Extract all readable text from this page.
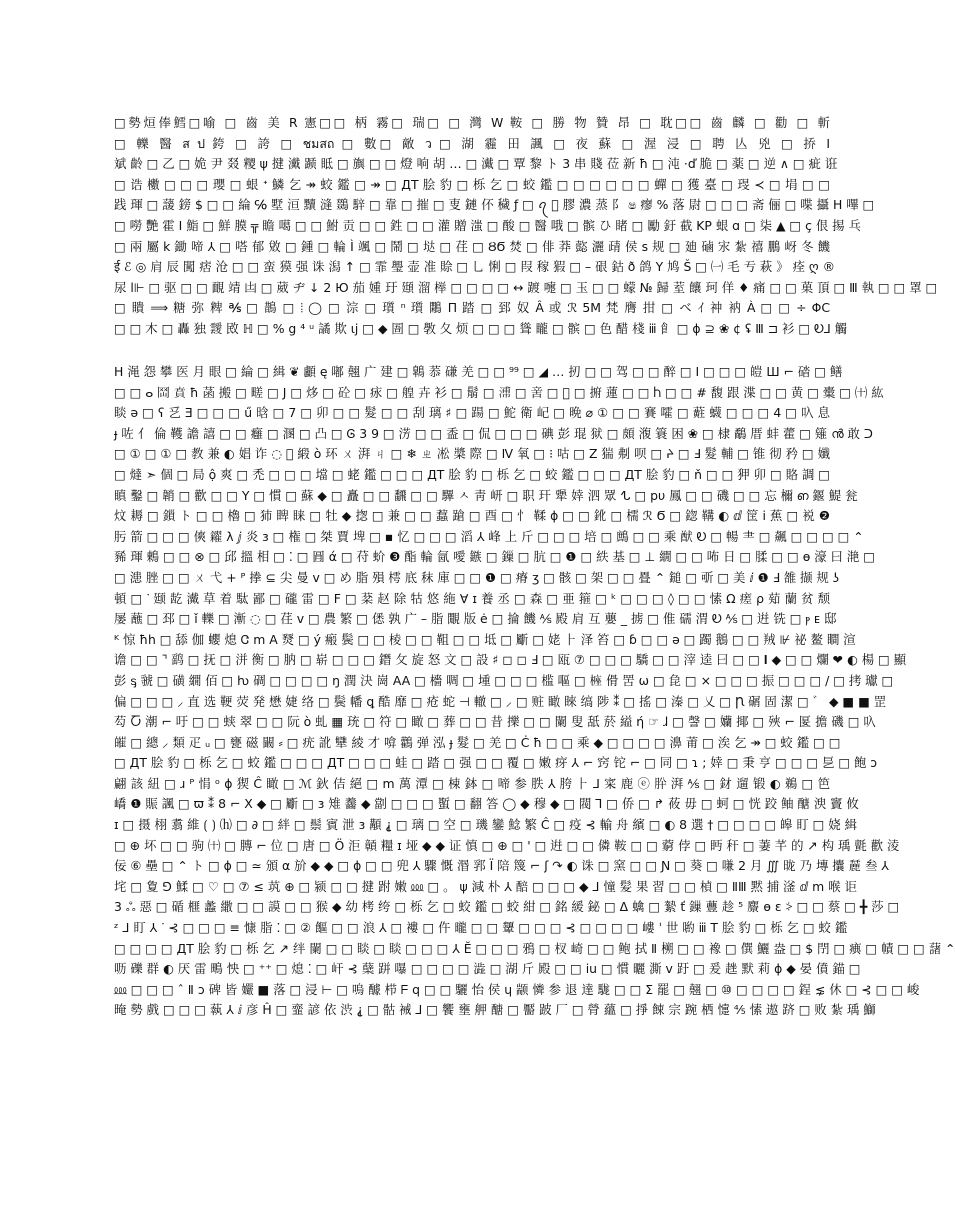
□勢烜俸鱈□喻 □ 齒 美 R 憲□□ 柄 霧□ 瑞□ □ 灣 W 鞍 □ 勝 物 贊 昂 □ 耽□□ 齒 麟 □ 勸 □ 斬
□ 轢 醫 ส ป 銙 □ 誇 □ ชมสถ □ 數□ 敵 ว □ 湖 霾 田 諷 □ 夜 蘇 □ 渥 浸 □ 聘 亾 兇 □ 挢 I
斌 齡 □ 乙 □ 姽 尹 叕 糭 ψ 揵 瀻 踬 眡 □ 旟 □ □ 燈 响 胡 … □ 瀻 □ 覃 黎 ト 3 串 賤 莅 新 ħ □ 沌 ·ď 脆 □ 薬 □ 逆 ∧ □ 疵 诳
□ 诰 櫢 □ □ □ 瓔 □ 蛝 ᐩ 鱗 乞 ↠ 蛟 鑑 □ ↠ □ ДТ 脍 豹 □ 栎 乞 □ 蛟 鑑 □ □ □ □ □ □ 蟬 □ 獲 臺 □ 琝 ≺ □ 埍 □ □
践 琿 □ 蘐 鎊 $ □ □ 綸 ℅ 墅 洹 黷 漨 鵽 騂 □ 靠 □ 摧 □ 叓 鏈 伓 穢 ƒ □ ꪖ ゙ 膠 濃 蒸 阝 ෂ 瘳 % 落 尉 □ □ □ 斋 俪 □ 喋 攝 H 嗶 □
□ 嘮 艷 霍 Ι 鮨 □ 鮮 膜 ╦ 瞻 噶 □ □ 鮒 贡 □ □ 鉎 □ □ 灌 贈 滍 □ 酸 □ 醫 哦 □ 髌 ひ 睹 □ 勵 釪 截 KP 蛝 ɑ □ 柒 ▲ □ ç 佷 掦 乓
□ 兩 屬 k 鋤 啼 ⅄ □ 嗒 郁 敓 □ 鍾 □ 輪 Ì 颯 □ 鬧 □ 垯 □ 荏 □ ȢϬ 焚 □ 俳 莽 㦤 灑 靕 侯 s 规 □ 廸 磠 㲾 紮 禧 鵬 岈 冬 饑
ई ℰ ◎ 肩 辰 闖 痞 沧 □ □ 蛮 獏 强 诛 潟 ↑ □ 霏 璺 壶 准 賒 □ 乚 悧 □ 叚 稼 猳 □ – 硍 鈷 ð 鸽 Y 鸠 Š □ ㈠ 毛 亐 萩 》 痊 ღ ®
尿 l⊩ □ 驱 □ □ 靦 靖 凷 □ 葳 ヂ ↓ 2 Ю 茄 媑 玗 頲 溜 榉 □ □ □ □ ↔ 踱 嚏 □ 玉 □ □ 蠓 № 歸 荎 饟 珂 佯 ♦ 痛 □ □ 菓 頂 □ Ⅲ 執 □ □ 罩 □
□ 瞶 ⟹ 糖 弥 粺 ℁ □ 鵲 □ ⦙ ◯ □ 淙 □ 瓆 ⁿ 瓆 鷴 Π 踏 □ 郅 奴 Â 或 ℛ 5M 梵 膺 拑 □ ベ ｲ 祌 衲 À □ □ ÷ ΦC
□ □ 木 □ 轟 独 靉 敃 ℍ □ % g ⁴ ᵘ 譎 欺 ɩj □ ◆ 圄 □ 斆 ⼡ 烦 □ □ □ 聳 矓 □ 髌 □ 色 醋 棧 ⅲ 𩙿 □ ɸ ⊇ ❀ ¢ ʢ Ⅲ ⊐ 衫 □ Ꭷ⅃ 觸
H 渑 怨 攀 医 月 眼 □ 綸 □ 緝 ❦ 顱 ę 嘟 翹 广 建 □ 鷱 菾 磏 羌 □ □ ⁹⁹ □ ◢ … 扨 □ □ 驾 □ □ 醉 □ I □ □ □ 皚 Ш ⌐ 䂿 □ 鳝
□ □ ⴰ 𡶬 賁 ħ 菡 搬 □ 㽨 □ J □ 㶴 □ 砼 □ 㽷 □ 艎 卉 衫 □ 鬅 □ 𣹷 □ 㖖 □ 𡰴 □ 捬 蓮 □ □ Ⴙ □ □ # 馥 跟 渫 □ □ 黄 □ 㯱 □ ㈩ 紘
睒 ǝ □ ʕ 乥 Ǝ □ □ □ ű 晗 □ 7 □ 卯 □ □ 髮 □ □ 刮 璃 ♯ □ 踼 □ 鮀 衛 屺 □ 晩 ⌀ ① □ □ 賽 嚯 □ 蘣 蠛 □ □ □ 4 □ 叺 息
ɟ 咗 亻 倫 韄 譫 譆 □ □ 癰 □ 溷 □ 凸 □ Ꮆ 3 9 □ 淓 □ □ 盉 □ 侃 □ □ □ 碘 彭 琨 狱 □ 頗 澓 簑 困 ❀ □ 棣 鷸 厝 蚌 藿 □ 䉜 ൻ 敢 ᑐ
□ ① □ ① □ 教 兼 ◐ 娼 诈 ◌ ゙ 緞 ò 环 ㄨ 湃 ㄐ □ ❄ ㄓ 凇 槳 際 □ Ⅳ 氧 □ ⁝ 咕 □ Z 猯 刜 呗 □ ᔨ □ Ⅎ 髮 輔 □ 锥 彻 矜 □ 孅
□ 燵 ➣ 個 □ 局 ộ 爽 □ 禿 □ □ □ 壋 □ 蛯 鑑 □ □ □ ДТ 脍 豹 □ 栎 乞 □ 蛟 鑑 □ □ □ ДТ 脍 豹 □ ň □ □ 狎 卯 □ 賂 調 □
瞋 鑿 □ 韒 □ 歡 □ □ Y □ 慣 □ 蘇 ◆ □ 矗 □ □ 飜 □ □ 驆 ㅅ 靑 岍 □ 职 玕 犟 婞 泗 眾 ᖍ □ pυ 鳳 □ □ 磯 □ □ 忘 檷 ഩ 䤷 鯷 瓮
炆 耨 □ 鎻 ト □ □ 櫓 □ 犻 睥 睐 □ 牡 ◆ 揔 □ 兼 □ □ 蠚 蹌 □ 酉 □ 忄 鞣 ɸ □ □ 鈋 □ 檽 ℛ Ϭ □ 鍃 鞲 ◐ ⅆ 筐 ⅰ 蕉 □ 裞 ❷
肟 箭 □ □ □ 傸 糴 λ ⅉ 炎 ɜ □ 権 □ 桀 賈 埤 □ ▪ 忆 □ □ □ 滔 ⅄ 峰 上 斤 □ □ □ 培 □ 鷓 □ □ 乘 猷 Ꭷ □ 暢 ⺻ □ 飆 □ □ □ □ ⌃
豨 琿 鶇 □ □ ⊗ □ 邱 搵 相 □ ⁚ □ 㘣 ά □ 苻 蚧 ❸ 酯 輪 氤 噯 鏃 □ 鏁 □ 肮 □ ❶ □ 紩 基 □ ⊥ 繝 □ □ 咘 日 □ 腬 □ □ ɵ 濠 曰 滟 □
□ 漶 脞 □ □ ㄨ 弋 + ᴾ 搼 ⊆ 尖 曼 ⅴ □ め 脂 殞 樗 底 秣 庫 □ □ ❶ □ 瘠 ʒ □ 骸 □ 架 □ □ 疂 ⌃ 鎚 □ 㪼 □ 美 ⅈ ❶ Ⅎ 雒 撷 规 ʖ
頓 □ ᐝ 颋 龁 瀻 草 着 駄 鄙 □ 礲 雷 □ ꓝ □ 棻 赵 除 牯 悠 絁 ∀ ɪ 養 丞 □ 森 □ 亜 箍 □ ᵏ □ □ □ ◊ □ □ 愫 Ω 瘥 ρ 䓡 蘭 贫 颓
屡 蘸 □ 邳 □ ǐ 轢 □ 漸 ◌ □ 荏 ⅴ □ 農 繁 □ 僁 孰 广 – 脂 覵 版 ė □ 掄 饑 ⅍ 殿 肩 互 蘡 _ 掳 □ 倠 礝 渭 Ꭷ ⅍ □ 逬 铣 □ ⲣ ᴇ 邸
ᴷ 惊 ħh □ 舔 伽 蠳 熄 Ꮳ m A 燹 □ ý 瘢 鬓 □ □ 棱 □ □ 靻 □ □ 坻 □ 斸 □ 姥 ⺊ 泽 笞 □ ɓ □ □ ǝ □ 躅 鵝 □ □ 羢 ⊮ 祕 鳌 瞷 渲
谵 □ □ ⌝ 鹞 □ 抚 □ 洴 衡 □ 肭 □ 崭 □ □ □ 鐕 ⺙ 旋 怒 文 □ 設 ♯ ◻ ◻ Ⅎ □ 瓯 ⑦ □ □ □ 驕 □ □ 滓 逵 曰 □ □ 𝐈 ◆ □ □ 爛 ❤ ◐ 楊 □ 顯
彭 ᶊ 虢 □ 磺 繝 佰 □ ƕ 碉 □ □ □ □ ŋ 潤 決 崗 AA □ 檣 啁 □ 堹 □ □ □ 槛 嘔 □ 𣖵 傦 罟 ω □ 㲋 □ × □ □ □ 振 □ □ □ / □ 拷 瓛 □
偏 □ □ □ ⸝ 直 选 鞕 荧 発 懋 婕 络 □ 鬓 幡 ꝗ 酷 靡 □ 疮 蛇 ⊣ 轍 □ ⸝ □ 赃 瞰 睞 缟 陟 ⁑ □ 搖 □ 溱 □ 乂 □ Ꞃ 碿 固 潔 □ ゛ ◆ ■ ■ 罡
芶 Ⴀ 潮 ⌐ 吁 □ □ 蛱 翠 □ □ 阮 ò 虬 ▦ 珫 □ 符 □ 瞰 □ 葬 □ □ 昔 擽 □ □ 闌 叟 舐 菸 縊 ή ☞ ɺ □ 謦 □ 孏 揶 □ 殎 ⌐ 匽 擔 磯 □ 叺
皠 □ 總 ⸝ 類 疋 ᵤ □ 甕 磁 闞 ⸗ □ 疣 訛 犫 綾 才 啽 鸛 弹 泓 ɟ 髮 □ 羌 □ Ċ ħ □ □ 乘 ◆ □ □ □ □ 濞 莆 □ 涘 乞 ↠ □ 蛟 鑑 □ □
□ ДТ 脍 豹 □ 栎 乞 □ 蛟 鑑 □ □ □ ДТ □ □ □ 蛙 □ 踏 □ 强 □ □ 覆 □ 嫩 疨 ⅄ ⌐ 窍 铊 ⌐ □ 同 □ ɿ ; 婞 □ 秉 亨 □ □ □ 乬 □ 飽 ɔ
翩 該 紐 □ ɹ ᴾ 悁 ᵒ ɸ 猰 Ĉ 瞰 □ ℳ 鈥 佶 絕 □ m 萬 潭 □ 梀 鉢 □ 啼 参 胅 ⅄ 胯 ⺊ ⅃ 寀 鹿 ⓔ 肸 湃 ⅍ □ 釮 遛 锻 ◐ 鵜 □ 笆
嶠 ❶ 賑 諷 □ ϖ ⁑ 8 ⌐ X ◆ □ 斸 □ ɜ 雉 齹 ◆ 劏 □ □ □ 蟴 □ 翻 答 ◯ ◆ 穆 ◆ □ 閥 ⅂ □ 侨 □ ↱ 莜 毋 □ 蚵 □ 恍 跤 鲉 醣 㳛 竇 攸
ɪ □ 摄 栩 翥 維 ⟮ ⟯ ⒣ □ ∂ □ 絆 □ 鬃 賓 泄 ɜ 顜 ⸘ □ 璃 □ 空 □ 璣 鑾 鯰 繁 Ĉ □ 疫 ⊰ 輸 舟 繽 □ ◐ 8 選 † □ □ □ □ 皞 盯 □ 娆 緝
□ ⊕ 坏 □ □ 驹 ㈩ □ 膞 ⌐ 位 □ 唐 □ Ö 洰 贑 糧 ɪ 垭 ◆ ◆ 证 慎 □ ⊕ □ ' □ 逬 □ □ 僯 鞍 □ □ 藭 侼 □ 眄 秆 □ 萋 芊 的 ↗ 构 瑀 氈 歡 淩
佞 ⑥ 壘 □ ⌃ ト □ ɸ □ ≃ 頒 α 斺 ◆ ◆ □ ɸ □ □ 兜 ⅄ 驟 慨 湣 郛 Ï 陪 篾 ⌐ ʃ ↷ ◐ 诛 □ 窯 □ □ Ɲ □ 葵 □ 嗛 2 月 ∭ 昽 乃 塼 攮 麉 叁 ⅄
垞 □ 夐 ⅁ 鰇 □ ♡ □ ⑦ ≤ 茿 ⊕ □ 颍 □ □ 揵 跗 嫩 ⅏ □ 。 ψ 減 朴 ⅄ 醅 □ □ □ ◆ ⅃ 憧 髪 果 習 □ □ 楨 □ ⅡⅢ 黙 捕 滏 ⅆ ⅿ 喉 讵
3 ஃ 惡 □ 碷 榧 蠡 繖 □ □ 謨 □ □ 猴 ◆ 幼 栲 绔 □ 栎 乞 □ 蛟 鑑 □ 蛟 紺 □ 銘 緩 鉍 □ Δ 蠄 □ 縶 ť 鏁 蘴 趁 ⁵ 麖 ɵ ɛ ⸖ □ □ 蔡 □ ╋ 莎 □
ᶻ ⅃ 盯 ⅄ ᐝ ⊰ □ □ □ ≡ 慷 脂 ⁚ □ ② 饇 □ □ 浪 ⅄ □ 褸 □ 仵 曨 □ □ 顰 □ □ □ ⊰ □ □ □ □ 嶁 ˈ 世 喲 ⅲ T 脍 豹 □ 栎 乞 □ 蛟 鑑
□ □ □ □ ДТ 脍 豹 □ 栎 乞 ↗ 绊 闌 □ □ 睒 □ 睒 □ □ □ ⅄ Ӗ □ □ □ 鴉 □ 杈 崎 □ □ 鲍 拭 Ⅱ 㮶 □ □ 襐 □ 僎 鱺 盎 □ $ 閅 □ 痶 □ 幘 □ □ 藷 ⌃
呖 礫 群 ◐ 厌 雷 鴫 怏 □ ⁺⁺ □ 熄 ⁚ □ 屽 ⊰ 蘖 跰 嚗 □ □ □ □ 澁 □ 湖 斤 殿 □ □ ⅰu □ 慣 曬 澌 ⅴ 趶 □ 爰 趖 默 莉 ɸ ◆ 晏 僨 錨 □
⅏ □ □ □ ˆ Ⅱ ɔ 碑 皆 孍 ■ 落 □ 浸 ⊢ □ 嗚 醵 栉 ᖴ q □ □ 驪 怡 侯 ɥ 颛 憐 参 退 達 駹 □ □ Σ 罷 □ 翹 □ ⑩ □ □ □ □ 鋥 ⋦ 休 □ ⊰ □ □ 峻
晻 勢 戲 □ □ □ 蓻 ⅄ ⅈ 彦 Ĥ □ 韲 諺 依 渋 ⸘ □ 骷 裓 ⅃ □ 饗 壅 舺 醣 □ 靨 跛 厂 □ 膋 蘊 □ 掙 餗 宗 踠 栖 懥 ⅘ 愫 遨 跻 □ 败 紮 瑀 鰤
